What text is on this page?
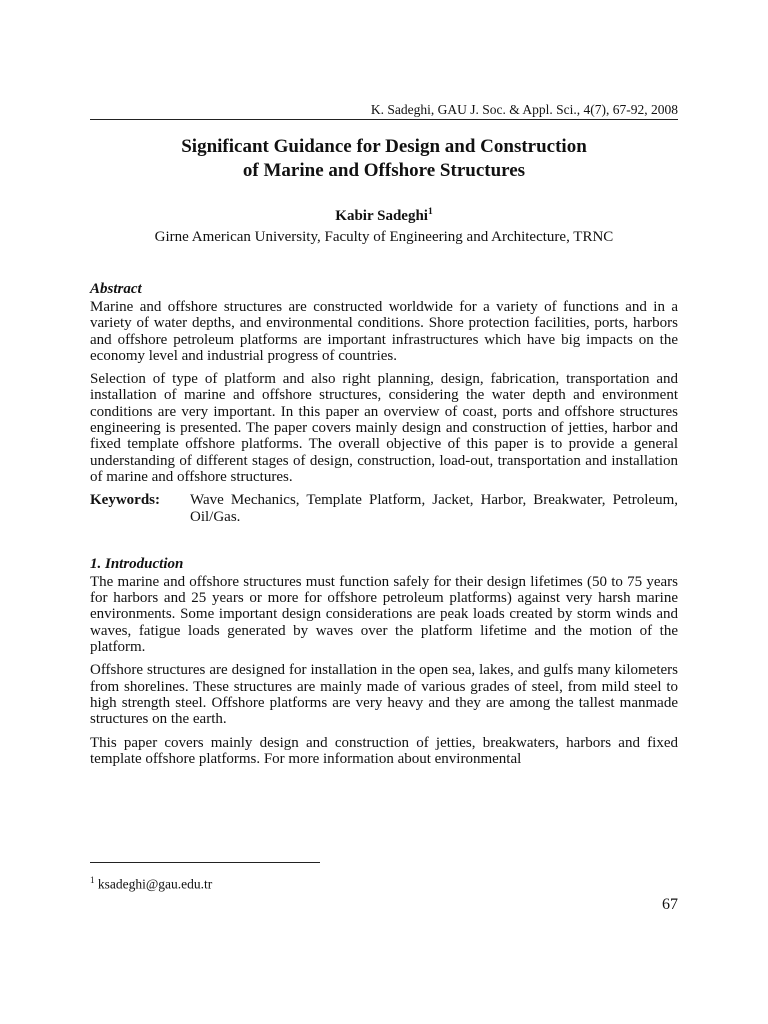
K. Sadeghi, GAU J. Soc. & Appl. Sci., 4(7), 67-92, 2008
Significant Guidance for Design and Construction
of Marine and Offshore Structures
Kabir Sadeghi$^1$
Girne American University, Faculty of Engineering and Architecture, TRNC
Abstract

Marine and offshore structures are constructed worldwide for a variety of functions and in a variety of water depths, and environmental conditions. Shore protection facilities, ports, harbors and offshore petroleum platforms are important infrastructures which have big impacts on the economy level and industrial progress of countries.

Selection of type of platform and also right planning, design, fabrication, transportation and installation of marine and offshore structures, considering the water depth and environment conditions are very important. In this paper an overview of coast, ports and offshore structures engineering is presented. The paper covers mainly design and construction of jetties, harbor and fixed template offshore platforms. The overall objective of this paper is to provide a general understanding of different stages of design, construction, load-out, transportation and installation of marine and offshore structures.

Keywords:	Wave Mechanics, Template Platform, Jacket, Harbor, Breakwater, Petroleum, Oil/Gas.
1. Introduction

The marine and offshore structures must function safely for their design lifetimes (50 to 75 years for harbors and 25 years or more for offshore petroleum platforms) against very harsh marine environments. Some important design considerations are peak loads created by storm winds and waves, fatigue loads generated by waves over the platform lifetime and the motion of the platform.

Offshore structures are designed for installation in the open sea, lakes, and gulfs many kilometers from shorelines. These structures are mainly made of various grades of steel, from mild steel to high strength steel. Offshore platforms are very heavy and they are among the tallest manmade structures on the earth.

This paper covers mainly design and construction of jetties, breakwaters, harbors and fixed template offshore platforms. For more information about environmental

$^1$ ksadeghi@gau.edu.tr
67
